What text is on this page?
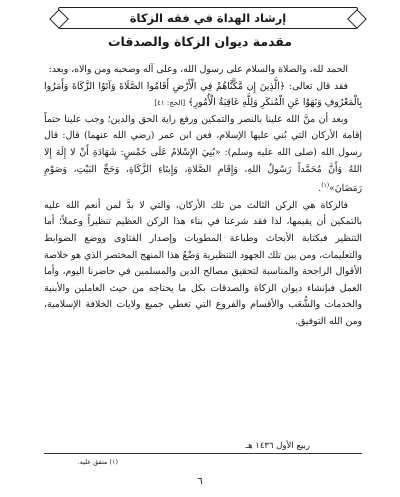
إرشاد الهداة في فقه الزكاة
مقدمة ديوان الزكاة والصدقات

الحمد لله، والصلاة والسلام على رسول الله، وعلى آله وصحبه ومن والاه، وبعد:

فقد قال تعالى: ﴿الَّذِينَ إِن مَّكَّنَّاهُمْ فِي الْأَرْضِ أَقَامُوا الصَّلَاةَ وَآتَوُا الزَّكَاةَ وَأَمَرُوا بِالْمَعْرُوفِ وَنَهَوْا عَنِ الْمُنكَرِ وَلِلَّهِ عَاقِبَةُ الْأُمُورِ﴾ [الحج: ٤١]

وبعد أن منَّ الله علينا بالنصر والتمكين ورفع راية الحق والدين؛ وجب علينا حتماً إقامة الأركان التي بُني عليها الإسلام، فعن ابن عمر (رضي الله عنهما) قال: قال رسول الله (صلى الله عليه وسلم): «بُنِيَ الإِسْلامُ عَلَى خَمْسٍ: شَهَادَةِ أَنْ لا إِلَهَ إِلا اللهُ وَأَنَّ مُحَمَّداً رَسُولُ اللهِ، وَإِقَامِ الصَّلاةِ، وَإِيتَاءِ الزَّكَاةِ، وَحَجِّ البَيْتِ، وَصَوْمِ رَمَضَانَ»$^{(١)}$.

فالزكاة هي الركن الثالث من تلك الأركان، والتي لا بدَّ لمن أنعم الله عليه بالتمكين أن يقيمها، لذا فقد شرعنا في بناء هذا الركن العظيم تنظيراً وعملاً؛ أما التنظير فبكتابة الأبحاث وطباعة المطويات وإصدار الفتاوى ووضع الضوابط والتعليمات، ومن بين تلك الجهود التنظيرية وَضْعُ هذا المنهج المختصر الذي هو خلاصة الأقوال الراجحة والمناسبة لتحقيق مصالح الدين والمسلمين في حاضرنا اليوم، وأما العمل فبإنشاء ديوان الزكاة والصدقات بكل ما يحتاجه من حيث العاملين والأبنية والخدمات والشُّعَب والأقسام والفروع التي تغطي جميع ولايات الخلافة الإسلامية، ومن الله التوفيق.

ربيع الأول ١٤٣٦ هـ
(١) متفق عليه.
٦
